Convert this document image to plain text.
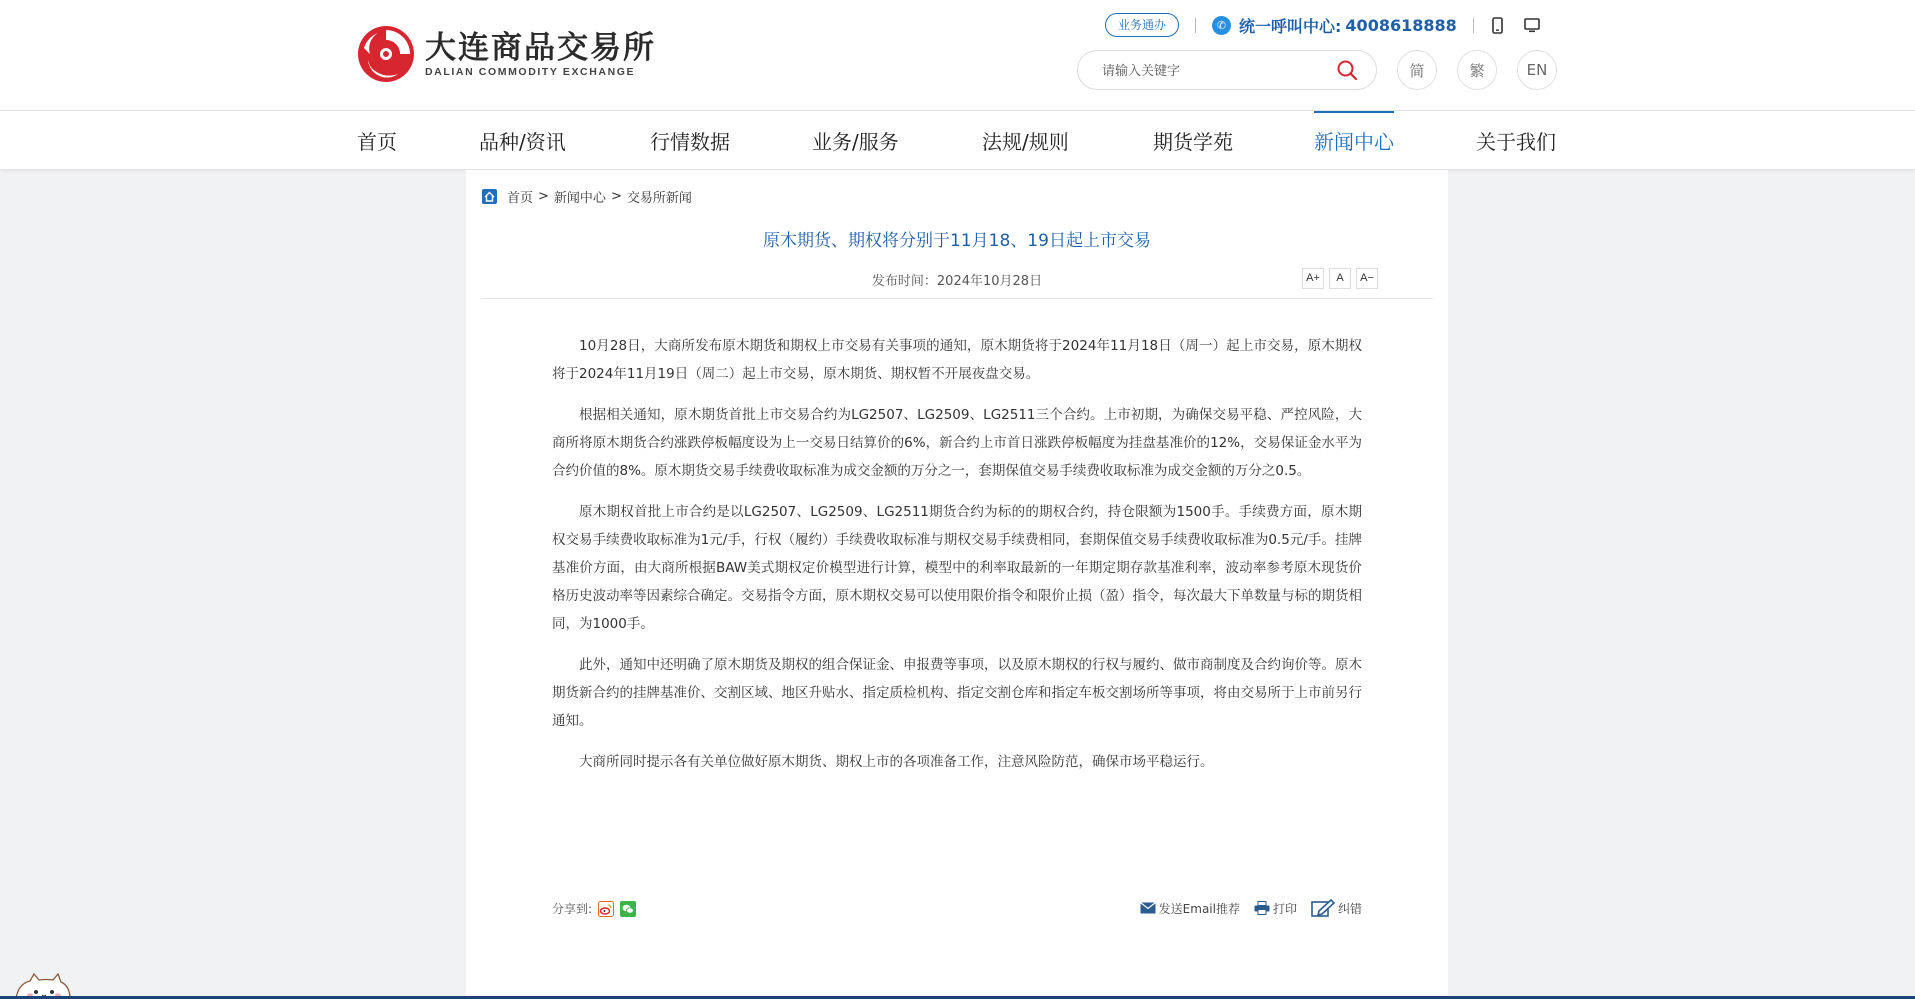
大连商品交易所
DALIAN COMMODITY EXCHANGE
业务通办	✆ 统一呼叫中心: 4008618888
请输入关键字
简	繁	EN
首页	品种/资讯	行情数据	业务/服务	法规/规则	期货学苑	新闻中心	关于我们
首页 > 新闻中心 > 交易所新闻
原木期货、期权将分别于11月18、19日起上市交易
发布时间：2024年10月28日	A+	A	A−

10月28日，大商所发布原木期货和期权上市交易有关事项的通知，原木期货将于2024年11月18日（周一）起上市交易，原木期权将于2024年11月19日（周二）起上市交易，原木期货、期权暂不开展夜盘交易。

根据相关通知，原木期货首批上市交易合约为LG2507、LG2509、LG2511三个合约。上市初期，为确保交易平稳、严控风险，大商所将原木期货合约涨跌停板幅度设为上一交易日结算价的6%，新合约上市首日涨跌停板幅度为挂盘基准价的12%，交易保证金水平为合约价值的8%。原木期货交易手续费收取标准为成交金额的万分之一，套期保值交易手续费收取标准为成交金额的万分之0.5。

原木期权首批上市合约是以LG2507、LG2509、LG2511期货合约为标的的期权合约，持仓限额为1500手。手续费方面，原木期权交易手续费收取标准为1元/手，行权（履约）手续费收取标准与期权交易手续费相同，套期保值交易手续费收取标准为0.5元/手。挂牌基准价方面，由大商所根据BAW美式期权定价模型进行计算，模型中的利率取最新的一年期定期存款基准利率，波动率参考原木现货价格历史波动率等因素综合确定。交易指令方面，原木期权交易可以使用限价指令和限价止损（盈）指令，每次最大下单数量与标的期货相同，为1000手。

此外，通知中还明确了原木期货及期权的组合保证金、申报费等事项，以及原木期权的行权与履约、做市商制度及合约询价等。原木期货新合约的挂牌基准价、交割区域、地区升贴水、指定质检机构、指定交割仓库和指定车板交割场所等事项，将由交易所于上市前另行通知。

大商所同时提示各有关单位做好原木期货、期权上市的各项准备工作，注意风险防范，确保市场平稳运行。

分享到:	发送Email推荐	打印	纠错
